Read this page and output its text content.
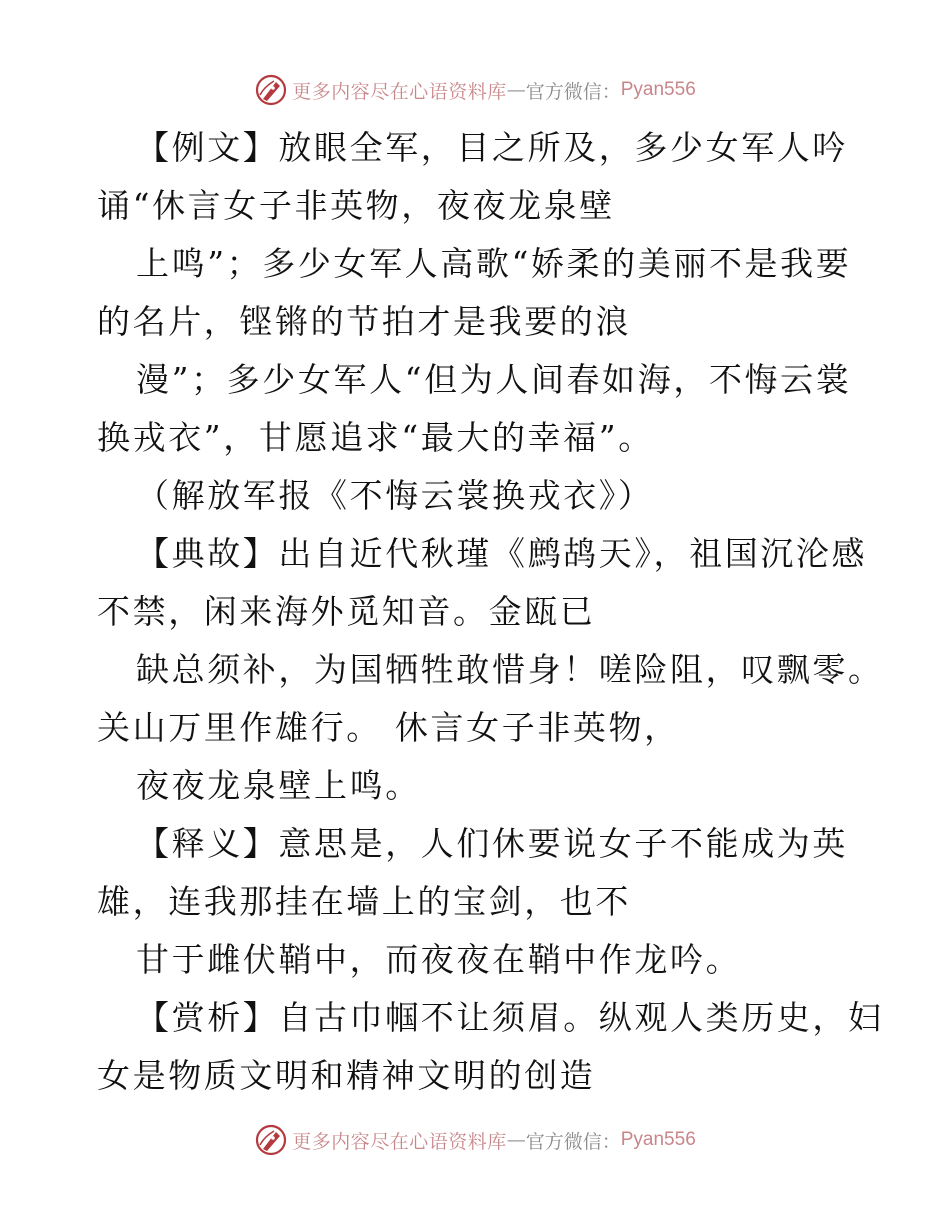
更多内容尽在心语资料库 — 官方微信： Pyan556
【例文】放眼全军，目之所及，多少女军人吟
诵“休言女子非英物，夜夜龙泉壁
上鸣”；多少女军人高歌“娇柔的美丽不是我要
的名片，铿锵的节拍才是我要的浪
漫”；多少女军人“但为人间春如海，不悔云裳
换戎衣”，甘愿追求“最大的幸福”。
（解放军报《不悔云裳换戎衣》）
【典故】出自近代秋瑾《鹧鸪天》，祖国沉沦感
不禁，闲来海外觅知音。金瓯已
缺总须补，为国牺牲敢惜身！嗟险阻，叹飘零。
关山万里作雄行。 休言女子非英物，
夜夜龙泉壁上鸣。
【释义】意思是，人们休要说女子不能成为英
雄，连我那挂在墙上的宝剑，也不
甘于雌伏鞘中，而夜夜在鞘中作龙吟。
【赏析】自古巾帼不让须眉。纵观人类历史，妇
女是物质文明和精神文明的创造
更多内容尽在心语资料库 — 官方微信： Pyan556
